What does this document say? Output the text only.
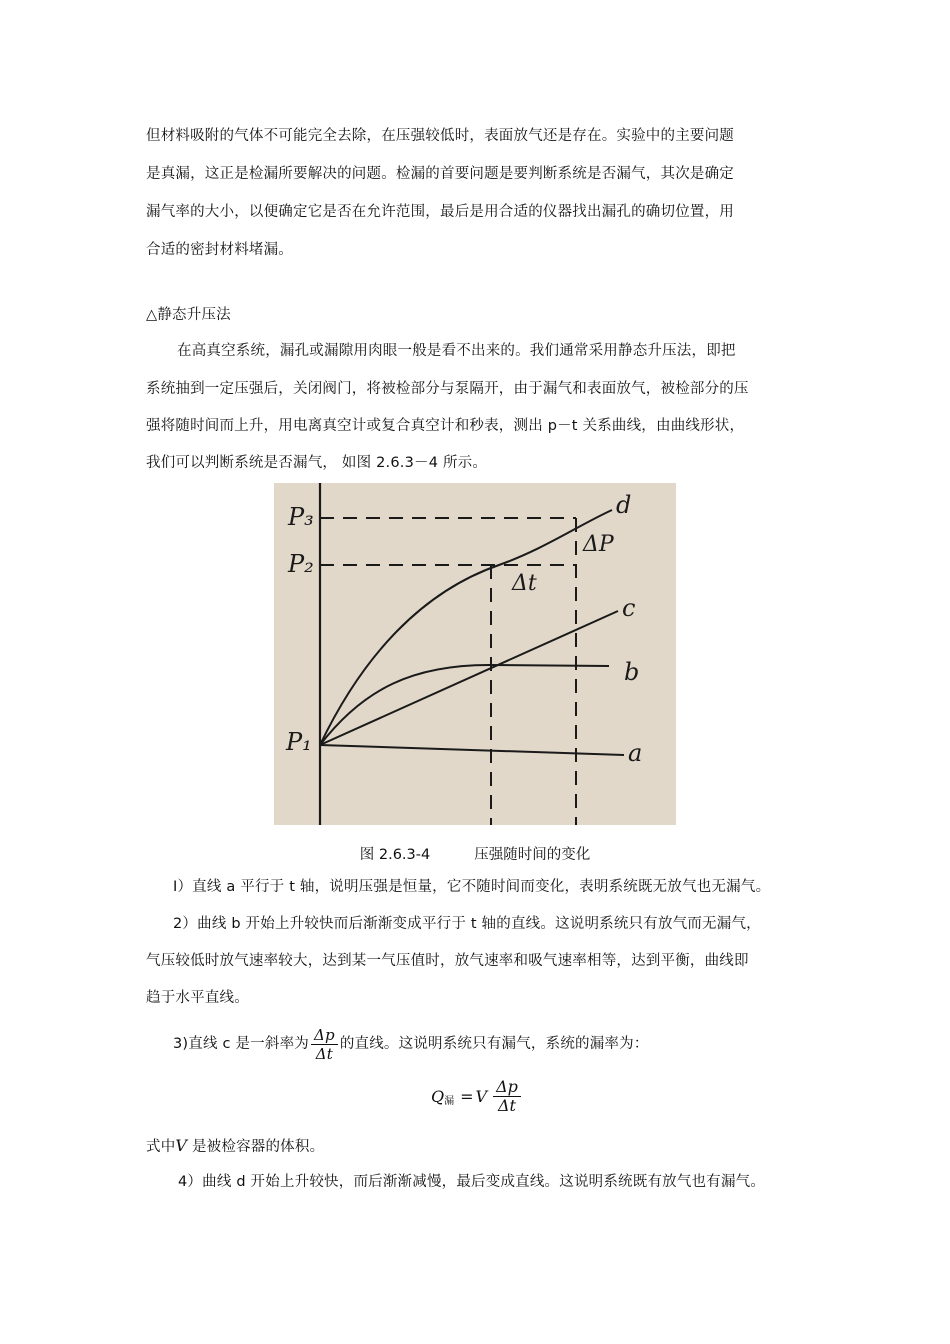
但材料吸附的气体不可能完全去除，在压强较低时，表面放气还是存在。实验中的主要问题
是真漏，这正是检漏所要解决的问题。检漏的首要问题是要判断系统是否漏气，其次是确定
漏气率的大小，以便确定它是否在允许范围，最后是用合适的仪器找出漏孔的确切位置，用
合适的密封材料堵漏。
△静态升压法
在高真空系统，漏孔或漏隙用肉眼一般是看不出来的。我们通常采用静态升压法，即把
系统抽到一定压强后，关闭阀门，将被检部分与泵隔开，由于漏气和表面放气，被检部分的压
强将随时间而上升，用电离真空计或复合真空计和秒表，测出 p－t 关系曲线，由曲线形状，
我们可以判断系统是否漏气， 如图 2.6.3－4 所示。
P₃
P₂
P₁
ΔP
Δt
a
b
c
d
图 2.6.3-4	压强随时间的变化
Ⅰ）直线 a 平行于 t 轴，说明压强是恒量，它不随时间而变化，表明系统既无放气也无漏气。
2）曲线 b 开始上升较快而后渐渐变成平行于 t 轴的直线。这说明系统只有放气而无漏气，
气压较低时放气速率较大，达到某一气压值时，放气速率和吸气速率相等，达到平衡，曲线即
趋于水平直线。
3)直线 c 是一斜率为 $\frac{\Delta p}{\Delta t}$ 的直线。这说明系统只有漏气，系统的漏率为：
Q 漏 = V $\frac{\Delta p}{\Delta t}$
式中V 是被检容器的体积。
4）曲线 d 开始上升较快，而后渐渐减慢，最后变成直线。这说明系统既有放气也有漏气。
